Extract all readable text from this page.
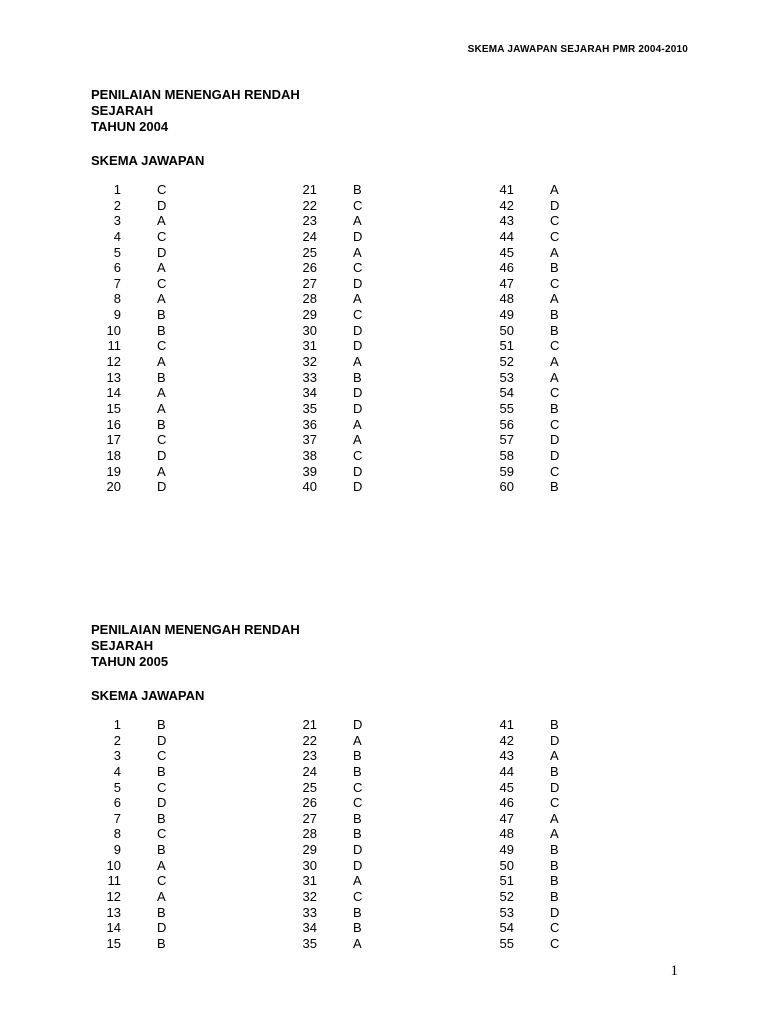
SKEMA JAWAPAN SEJARAH PMR 2004-2010
PENILAIAN MENENGAH RENDAH
SEJARAH
TAHUN 2004
SKEMA JAWAPAN
1	C
2	D
3	A
4	C
5	D
6	A
7	C
8	A
9	B
10	B
11	C
12	A
13	B
14	A
15	A
16	B
17	C
18	D
19	A
20	D
21	B
22	C
23	A
24	D
25	A
26	C
27	D
28	A
29	C
30	D
31	D
32	A
33	B
34	D
35	D
36	A
37	A
38	C
39	D
40	D
41	A
42	D
43	C
44	C
45	A
46	B
47	C
48	A
49	B
50	B
51	C
52	A
53	A
54	C
55	B
56	C
57	D
58	D
59	C
60	B
PENILAIAN MENENGAH RENDAH
SEJARAH
TAHUN 2005
SKEMA JAWAPAN
1	B
2	D
3	C
4	B
5	C
6	D
7	B
8	C
9	B
10	A
11	C
12	A
13	B
14	D
15	B
21	D
22	A
23	B
24	B
25	C
26	C
27	B
28	B
29	D
30	D
31	A
32	C
33	B
34	B
35	A
41	B
42	D
43	A
44	B
45	D
46	C
47	A
48	A
49	B
50	B
51	B
52	B
53	D
54	C
55	C
1
